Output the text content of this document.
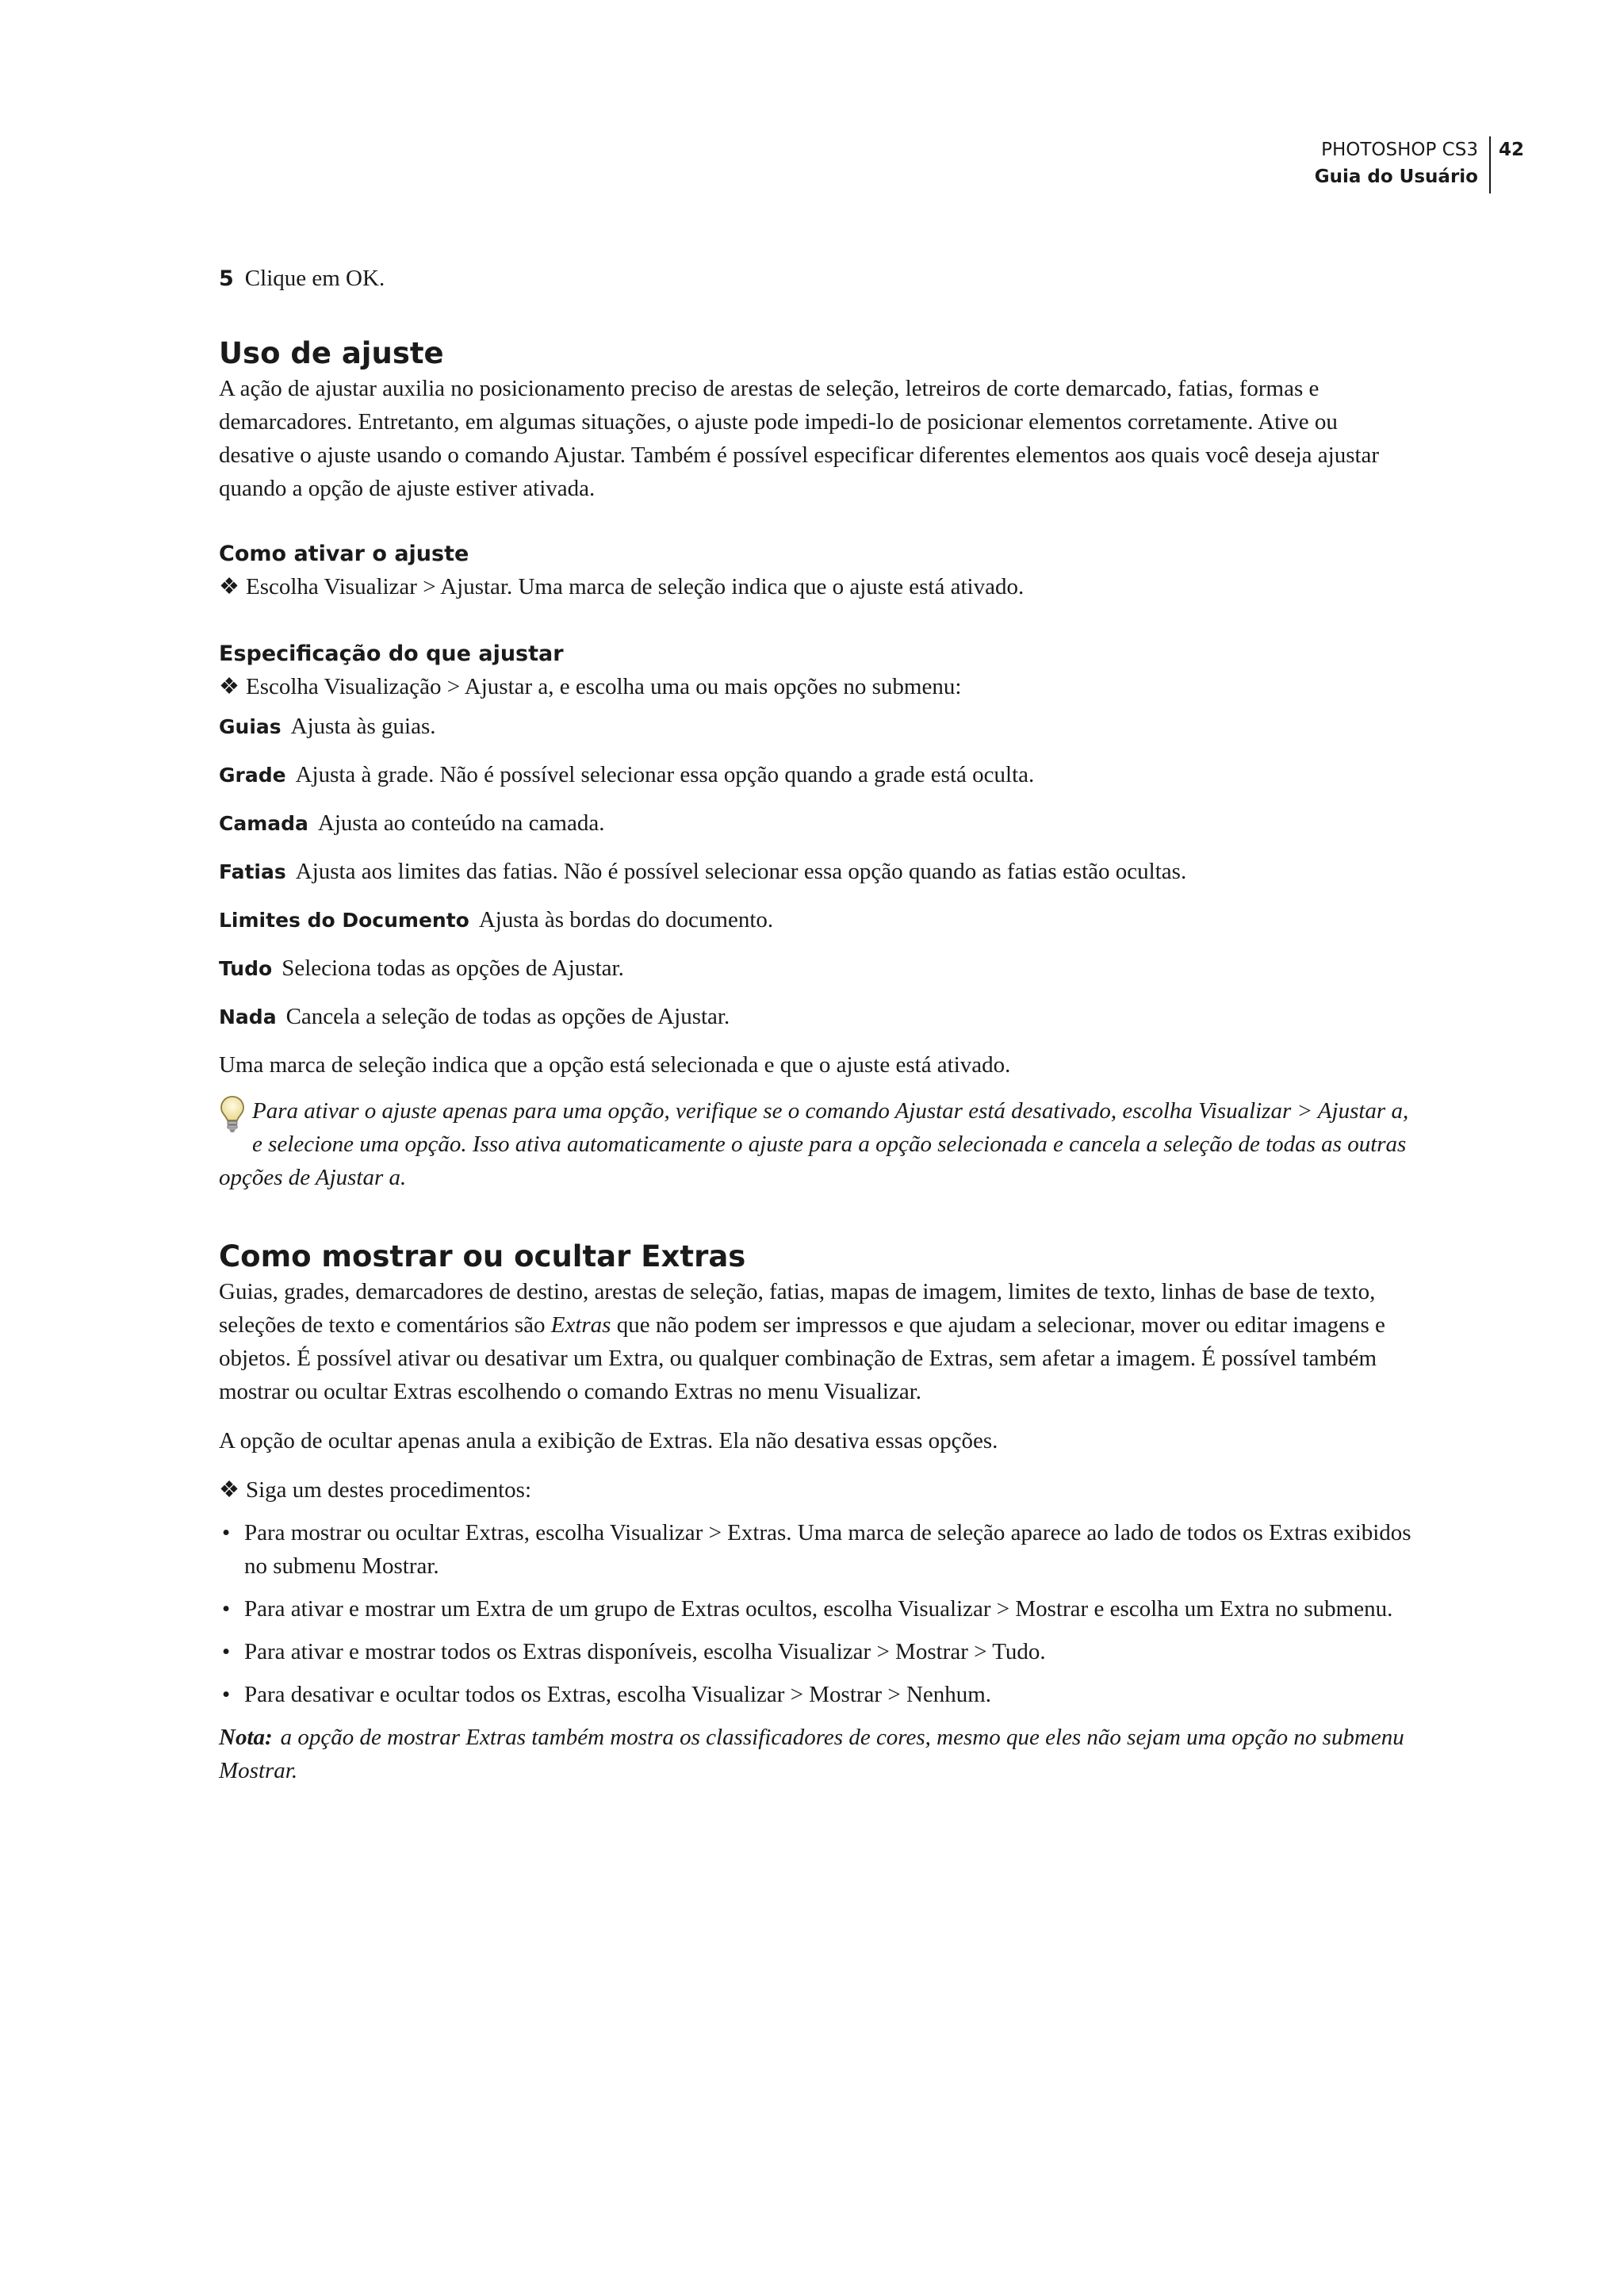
PHOTOSHOP CS3
Guia do Usuário
42

5 Clique em OK.

Uso de ajuste

A ação de ajustar auxilia no posicionamento preciso de arestas de seleção, letreiros de corte demarcado, fatias, formas e demarcadores. Entretanto, em algumas situações, o ajuste pode impedi-lo de posicionar elementos corretamente. Ative ou desative o ajuste usando o comando Ajustar. Também é possível especificar diferentes elementos aos quais você deseja ajustar quando a opção de ajuste estiver ativada.

Como ativar o ajuste

❖ Escolha Visualizar > Ajustar. Uma marca de seleção indica que o ajuste está ativado.

Especificação do que ajustar

❖ Escolha Visualização > Ajustar a, e escolha uma ou mais opções no submenu:

Guias Ajusta às guias.

Grade Ajusta à grade. Não é possível selecionar essa opção quando a grade está oculta.

Camada Ajusta ao conteúdo na camada.

Fatias Ajusta aos limites das fatias. Não é possível selecionar essa opção quando as fatias estão ocultas.

Limites do Documento Ajusta às bordas do documento.

Tudo Seleciona todas as opções de Ajustar.

Nada Cancela a seleção de todas as opções de Ajustar.

Uma marca de seleção indica que a opção está selecionada e que o ajuste está ativado.

Para ativar o ajuste apenas para uma opção, verifique se o comando Ajustar está desativado, escolha Visualizar > Ajustar a, e selecione uma opção. Isso ativa automaticamente o ajuste para a opção selecionada e cancela a seleção de todas as outras opções de Ajustar a.
Como mostrar ou ocultar Extras

Guias, grades, demarcadores de destino, arestas de seleção, fatias, mapas de imagem, limites de texto, linhas de base de texto, seleções de texto e comentários são Extras que não podem ser impressos e que ajudam a selecionar, mover ou editar imagens e objetos. É possível ativar ou desativar um Extra, ou qualquer combinação de Extras, sem afetar a imagem. É possível também mostrar ou ocultar Extras escolhendo o comando Extras no menu Visualizar.

A opção de ocultar apenas anula a exibição de Extras. Ela não desativa essas opções.

❖ Siga um destes procedimentos:

• Para mostrar ou ocultar Extras, escolha Visualizar > Extras. Uma marca de seleção aparece ao lado de todos os Extras exibidos no submenu Mostrar.
• Para ativar e mostrar um Extra de um grupo de Extras ocultos, escolha Visualizar > Mostrar e escolha um Extra no submenu.
• Para ativar e mostrar todos os Extras disponíveis, escolha Visualizar > Mostrar > Tudo.
• Para desativar e ocultar todos os Extras, escolha Visualizar > Mostrar > Nenhum.

Nota: a opção de mostrar Extras também mostra os classificadores de cores, mesmo que eles não sejam uma opção no submenu Mostrar.
